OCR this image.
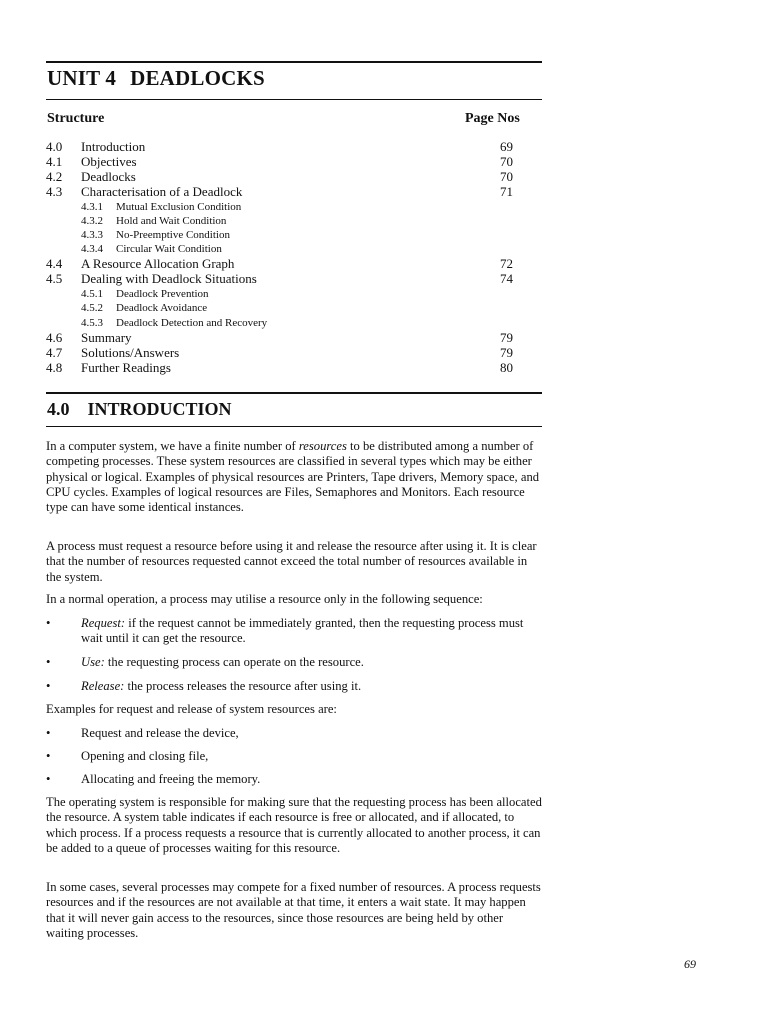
UNIT 4 DEADLOCKS
Structure	Page Nos
4.0 Introduction	69
4.1 Objectives	70
4.2 Deadlocks	70
4.3 Characterisation of a Deadlock	71
4.3.1 Mutual Exclusion Condition
4.3.2 Hold and Wait Condition
4.3.3 No-Preemptive Condition
4.3.4 Circular Wait Condition
4.4 A Resource Allocation Graph	72
4.5 Dealing with Deadlock Situations	74
4.5.1 Deadlock Prevention
4.5.2 Deadlock Avoidance
4.5.3 Deadlock Detection and Recovery
4.6 Summary	79
4.7 Solutions/Answers	79
4.8 Further Readings	80
4.0 INTRODUCTION

In a computer system, we have a finite number of resources to be distributed among a number of competing processes. These system resources are classified in several types which may be either physical or logical. Examples of physical resources are Printers, Tape drivers, Memory space, and CPU cycles. Examples of logical resources are Files, Semaphores and Monitors. Each resource type can have some identical instances.

A process must request a resource before using it and release the resource after using it. It is clear that the number of resources requested cannot exceed the total number of resources available in the system.

In a normal operation, a process may utilise a resource only in the following sequence:

•	Request: if the request cannot be immediately granted, then the requesting process must wait until it can get the resource.
•	Use: the requesting process can operate on the resource.
•	Release: the process releases the resource after using it.

Examples for request and release of system resources are:

•	Request and release the device,
•	Opening and closing file,
•	Allocating and freeing the memory.

The operating system is responsible for making sure that the requesting process has been allocated the resource. A system table indicates if each resource is free or allocated, and if allocated, to which process. If a process requests a resource that is currently allocated to another process, it can be added to a queue of processes waiting for this resource.

In some cases, several processes may compete for a fixed number of resources. A process requests resources and if the resources are not available at that time, it enters a wait state. It may happen that it will never gain access to the resources, since those resources are being held by other waiting processes.

69
